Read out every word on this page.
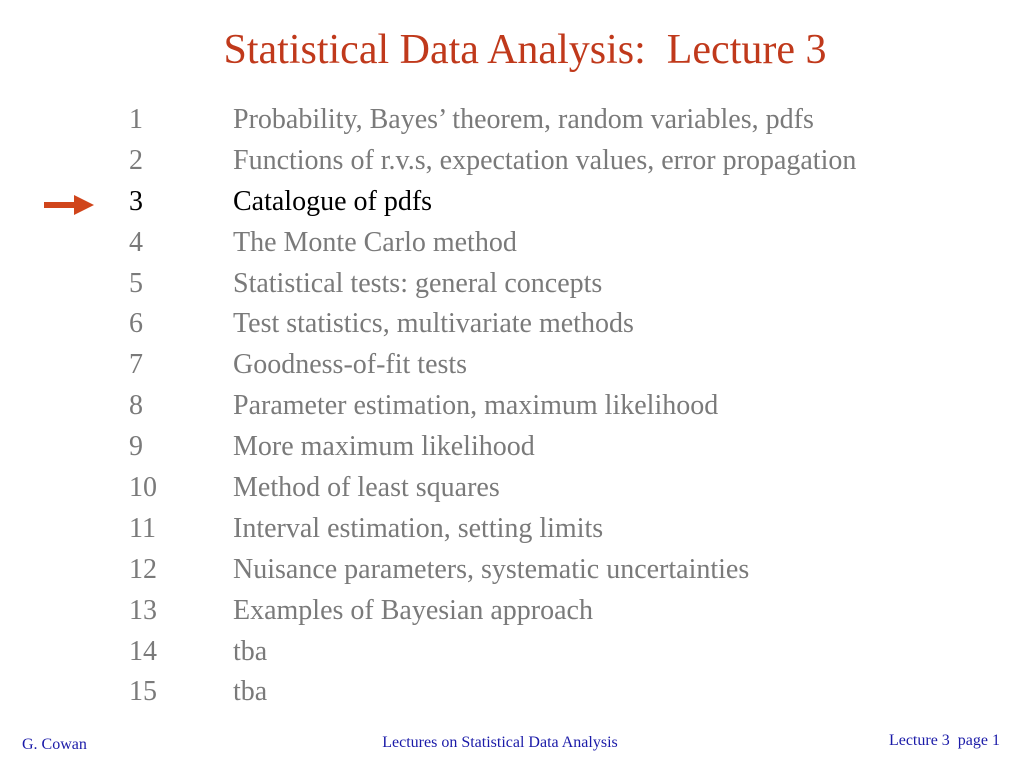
Statistical Data Analysis:  Lecture 3
1	Probability, Bayes’ theorem, random variables, pdfs
2	Functions of r.v.s, expectation values, error propagation
3	Catalogue of pdfs
4	The Monte Carlo method
5	Statistical tests: general concepts
6	Test statistics, multivariate methods
7	Goodness-of-fit tests
8	Parameter estimation, maximum likelihood
9	More maximum likelihood
10	Method of least squares
11	Interval estimation, setting limits
12	Nuisance parameters, systematic uncertainties
13	Examples of Bayesian approach
14	tba
15	tba
G. Cowan	Lectures on Statistical Data Analysis	Lecture 3  page 1
